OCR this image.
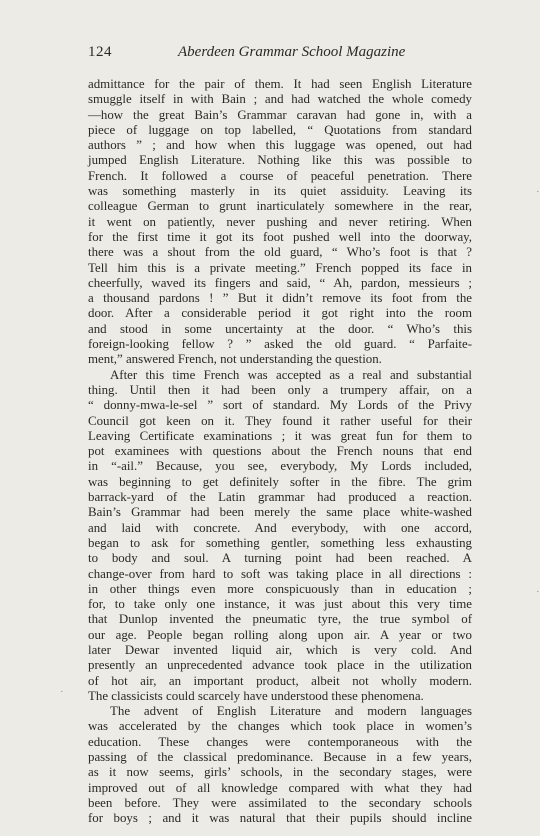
124	Aberdeen Grammar School Magazine
admittance for the pair of them. It had seen English Literature
smuggle itself in with Bain ; and had watched the whole comedy
—how the great Bain’s Grammar caravan had gone in, with a
piece of luggage on top labelled, “ Quotations from standard
authors ” ; and how when this luggage was opened, out had
jumped English Literature. Nothing like this was possible to
French. It followed a course of peaceful penetration. There
was something masterly in its quiet assiduity. Leaving its
colleague German to grunt inarticulately somewhere in the rear,
it went on patiently, never pushing and never retiring. When
for the first time it got its foot pushed well into the doorway,
there was a shout from the old guard, “ Who’s foot is that ?
Tell him this is a private meeting.” French popped its face in
cheerfully, waved its fingers and said, “ Ah, pardon, messieurs ;
a thousand pardons ! ” But it didn’t remove its foot from the
door. After a considerable period it got right into the room
and stood in some uncertainty at the door. “ Who’s this
foreign-looking fellow ? ” asked the old guard. “ Parfaite-
ment,” answered French, not understanding the question.
After this time French was accepted as a real and substantial
thing. Until then it had been only a trumpery affair, on a
“ donny-mwa-le-sel ” sort of standard. My Lords of the Privy
Council got keen on it. They found it rather useful for their
Leaving Certificate examinations ; it was great fun for them to
pot examinees with questions about the French nouns that end
in “-ail.” Because, you see, everybody, My Lords included,
was beginning to get definitely softer in the fibre. The grim
barrack-yard of the Latin grammar had produced a reaction.
Bain’s Grammar had been merely the same place white-washed
and laid with concrete. And everybody, with one accord,
began to ask for something gentler, something less exhausting
to body and soul. A turning point had been reached. A
change-over from hard to soft was taking place in all directions :
in other things even more conspicuously than in education ;
for, to take only one instance, it was just about this very time
that Dunlop invented the pneumatic tyre, the true symbol of
our age. People began rolling along upon air. A year or two
later Dewar invented liquid air, which is very cold. And
presently an unprecedented advance took place in the utilization
of hot air, an important product, albeit not wholly modern.
The classicists could scarcely have understood these phenomena.
The advent of English Literature and modern languages
was accelerated by the changes which took place in women’s
education. These changes were contemporaneous with the
passing of the classical predominance. Because in a few years,
as it now seems, girls’ schools, in the secondary stages, were
improved out of all knowledge compared with what they had
been before. They were assimilated to the secondary schools
for boys ; and it was natural that their pupils should incline
·
·
·
